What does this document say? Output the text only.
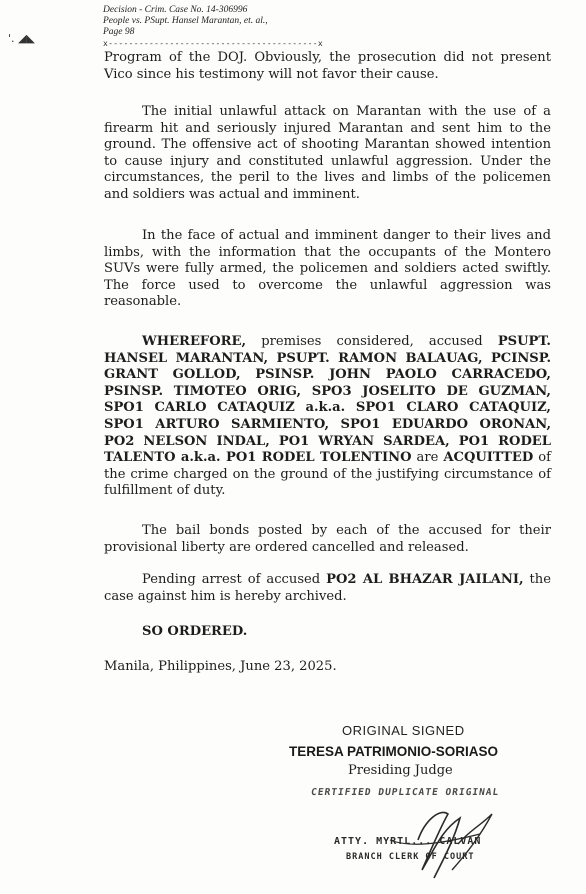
'. ◢◣
Decision - Crim. Case No. 14-306996
People vs. PSupt. Hansel Marantan, et. al.,
Page 98
x-----------------------------------------x

Program of the DOJ. Obviously, the prosecution did not present Vico since his testimony will not favor their cause.

The initial unlawful attack on Marantan with the use of a firearm hit and seriously injured Marantan and sent him to the ground. The offensive act of shooting Marantan showed intention to cause injury and constituted unlawful aggression. Under the circumstances, the peril to the lives and limbs of the policemen and soldiers was actual and imminent.

In the face of actual and imminent danger to their lives and limbs, with the information that the occupants of the Montero SUVs were fully armed, the policemen and soldiers acted swiftly. The force used to overcome the unlawful aggression was reasonable.

WHEREFORE, premises considered, accused PSUPT. HANSEL MARANTAN, PSUPT. RAMON BALAUAG, PCINSP. GRANT GOLLOD, PSINSP. JOHN PAOLO CARRACEDO, PSINSP. TIMOTEO ORIG, SPO3 JOSELITO DE GUZMAN, SPO1 CARLO CATAQUIZ a.k.a. SPO1 CLARO CATAQUIZ, SPO1 ARTURO SARMIENTO, SPO1 EDUARDO ORONAN, PO2 NELSON INDAL, PO1 WRYAN SARDEA, PO1 RODEL TALENTO a.k.a. PO1 RODEL TOLENTINO are ACQUITTED of the crime charged on the ground of the justifying circumstance of fulfillment of duty.

The bail bonds posted by each of the accused for their provisional liberty are ordered cancelled and released.

Pending arrest of accused PO2 AL BHAZAR JAILANI, the case against him is hereby archived.

SO ORDERED.

Manila, Philippines, June 23, 2025.

ORIGINAL SIGNED
TERESA PATRIMONIO-SORIASO
Presiding Judge
CERTIFIED DUPLICATE ORIGINAL
ATTY. MYRTL... CALVAN
BRANCH CLERK OF COURT
